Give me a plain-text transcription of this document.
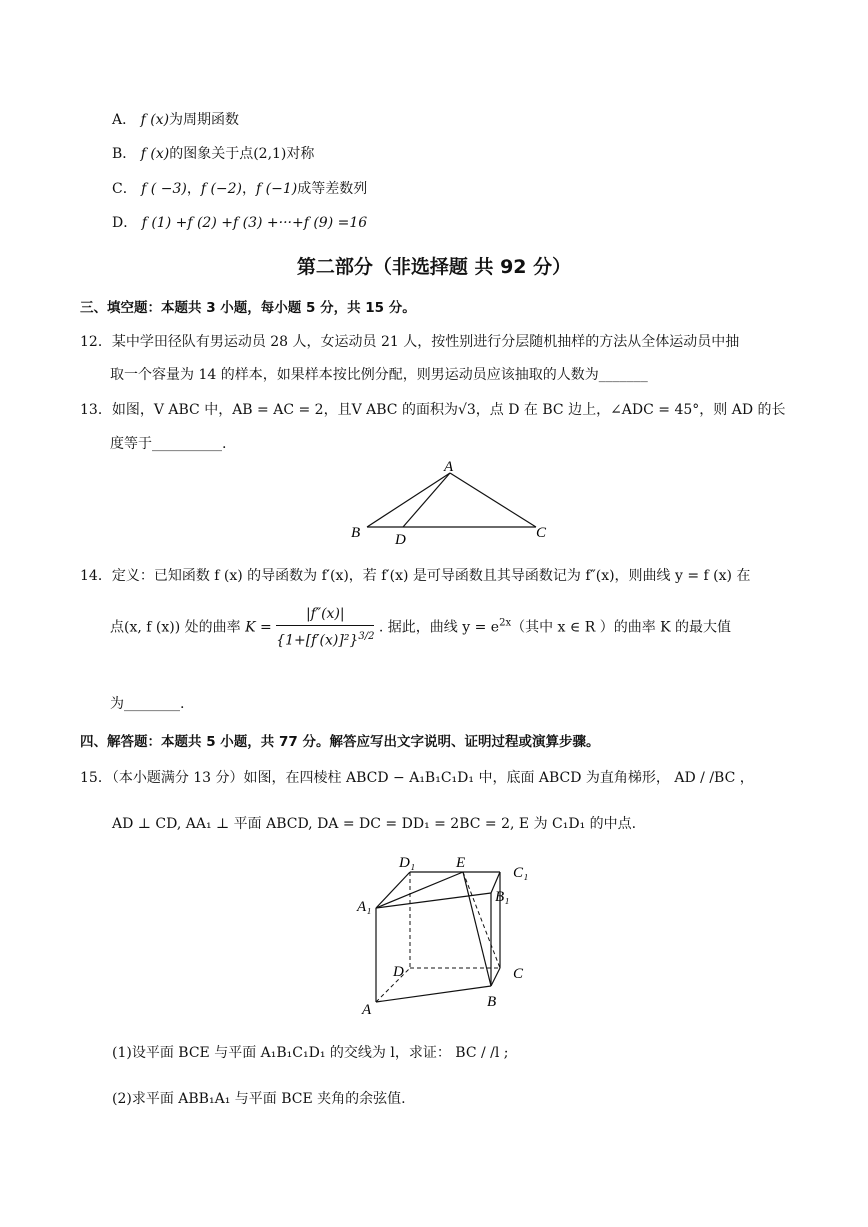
A． f (x)为周期函数
B． f (x)的图象关于点(2,1)对称
C． f ( −3)，f (−2)，f (−1)成等差数列
D． f (1) +f (2) +f (3) +···+f (9) =16
第二部分（非选择题 共 92 分）
三、填空题：本题共 3 小题，每小题 5 分，共 15 分。
12．某中学田径队有男运动员 28 人，女运动员 21 人，按性别进行分层随机抽样的方法从全体运动员中抽
取一个容量为 14 的样本，如果样本按比例分配，则男运动员应该抽取的人数为_______
13．如图，V ABC 中，AB = AC = 2，且V ABC 的面积为√3，点 D 在 BC 边上，∠ADC = 45°，则 AD 的长
度等于__________.
A
B	C
D
14．定义：已知函数 f (x) 的导函数为 f′(x)，若 f′(x) 是可导函数且其导函数记为 f″(x)，则曲线 y = f (x) 在
点(x, f (x)) 处的曲率 $K = \frac{|f''(x)|}{\{1+[f'(x)]^2\}^{3/2}}$ . 据此，曲线 $y = e^{2x}$（其中 x ∈ R ）的曲率 K 的最大值
为________.
四、解答题：本题共 5 小题，共 77 分。解答应写出文字说明、证明过程或演算步骤。
15．（本小题满分 13 分）如图，在四棱柱 ABCD − A₁B₁C₁D₁ 中，底面 ABCD 为直角梯形， AD / /BC ，
AD ⊥ CD, AA₁ ⊥ 平面 ABCD, DA = DC = DD₁ = 2BC = 2, E 为 C₁D₁ 的中点.
D₁	E
C₁
A₁
B₁
D	C
A	B
(1)设平面 BCE 与平面 A₁B₁C₁D₁ 的交线为 l，求证： BC / /l ;
(2)求平面 ABB₁A₁ 与平面 BCE 夹角的余弦值.
